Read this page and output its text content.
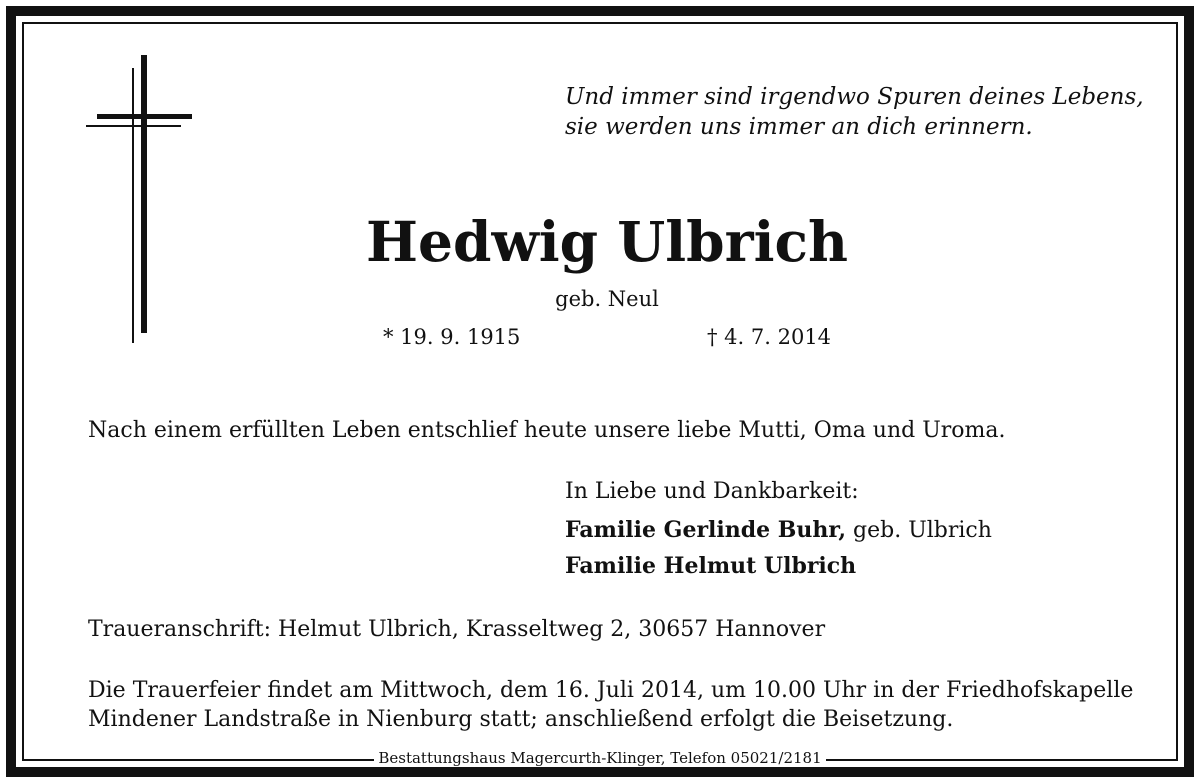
Und immer sind irgendwo Spuren deines Lebens,
sie werden uns immer an dich erinnern.
Hedwig Ulbrich
geb. Neul
* 19. 9. 1915	† 4. 7. 2014
Nach einem erfüllten Leben entschlief heute unsere liebe Mutti, Oma und Uroma.
In Liebe und Dankbarkeit:
Familie Gerlinde Buhr, geb. Ulbrich
Familie Helmut Ulbrich
Traueranschrift: Helmut Ulbrich, Krasseltweg 2, 30657 Hannover
Die Trauerfeier findet am Mittwoch, dem 16. Juli 2014, um 10.00 Uhr in der Friedhofskapelle
Mindener Landstraße in Nienburg statt; anschließend erfolgt die Beisetzung.
Bestattungshaus Magercurth-Klinger, Telefon 05021/2181
